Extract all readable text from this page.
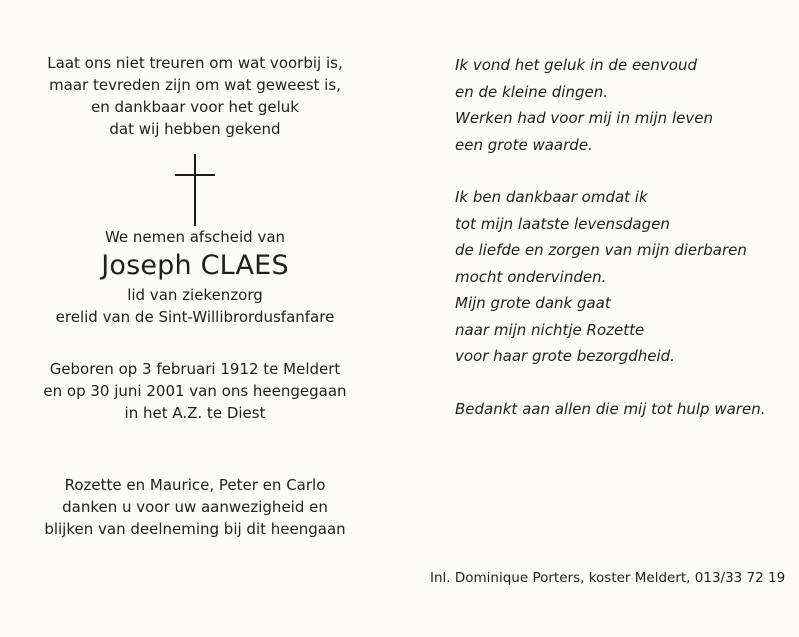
Laat ons niet treuren om wat voorbij is,

maar tevreden zijn om wat geweest is,

en dankbaar voor het geluk

dat wij hebben gekend

We nemen afscheid van

Joseph CLAES

lid van ziekenzorg

erelid van de Sint-Willibrordusfanfare

Geboren op 3 februari 1912 te Meldert

en op 30 juni 2001 van ons heengegaan

in het A.Z. te Diest

Rozette en Maurice, Peter en Carlo

danken u voor uw aanwezigheid en

blijken van deelneming bij dit heengaan

Ik vond het geluk in de eenvoud

en de kleine dingen.

Werken had voor mij in mijn leven

een grote waarde.

Ik ben dankbaar omdat ik

tot mijn laatste levensdagen

de liefde en zorgen van mijn dierbaren

mocht ondervinden.

Mijn grote dank gaat

naar mijn nichtje Rozette

voor haar grote bezorgdheid.

Bedankt aan allen die mij tot hulp waren.

Inl. Dominique Porters, koster Meldert, 013/33 72 19
